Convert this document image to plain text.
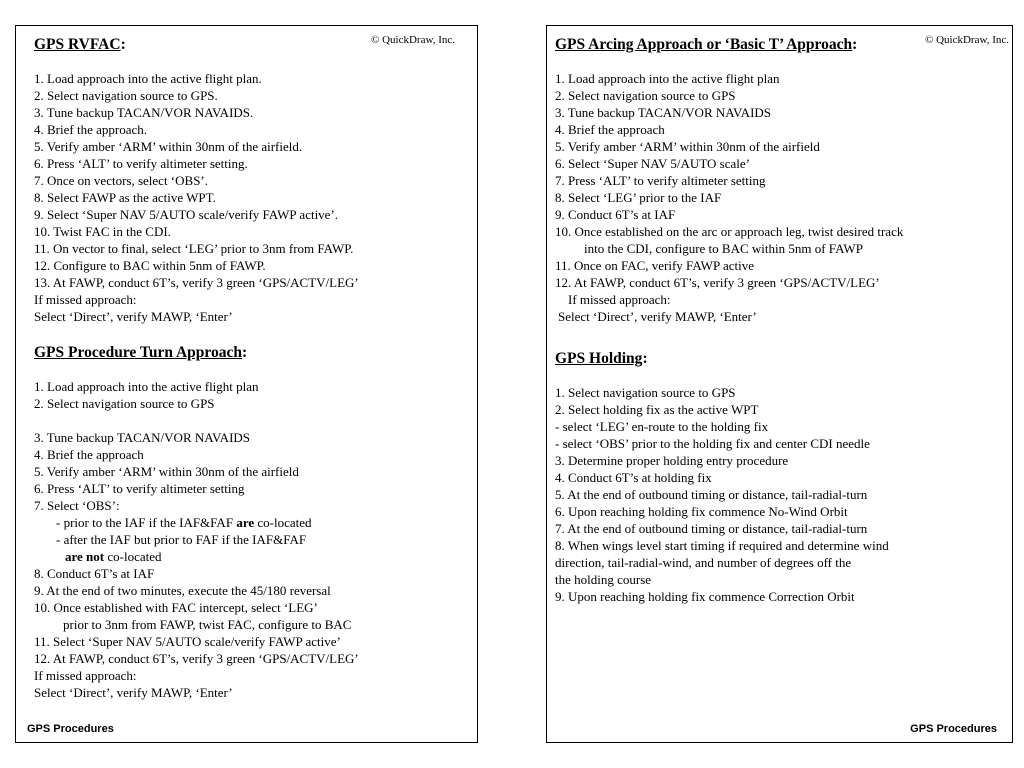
© QuickDraw, Inc.
GPS RVFAC:
1. Load approach into the active flight plan.
2. Select navigation source to GPS.
3. Tune backup TACAN/VOR NAVAIDS.
4. Brief the approach.
5. Verify amber ‘ARM’ within 30nm of the airfield.
6. Press ‘ALT’ to verify altimeter setting.
7. Once on vectors, select ‘OBS’.
8. Select FAWP as the active WPT.
9. Select ‘Super NAV 5/AUTO scale/verify FAWP active’.
10. Twist FAC in the CDI.
11. On vector to final, select ‘LEG’ prior to 3nm from FAWP.
12. Configure to BAC within 5nm of FAWP.
13. At FAWP, conduct 6T’s, verify 3 green ‘GPS/ACTV/LEG’
If missed approach:
Select ‘Direct’, verify MAWP, ‘Enter’
GPS Procedure Turn Approach:
1. Load approach into the active flight plan
2. Select navigation source to GPS
3. Tune backup TACAN/VOR NAVAIDS
4. Brief the approach
5. Verify amber ‘ARM’ within 30nm of the airfield
6. Press ‘ALT’ to verify altimeter setting
7. Select ‘OBS’:
- prior to the IAF if the IAF&FAF are co-located
- after the IAF but prior to FAF if the IAF&FAF
are not co-located
8. Conduct 6T’s at IAF
9. At the end of two minutes, execute the 45/180 reversal
10. Once established with FAC intercept, select ‘LEG’
prior to 3nm from FAWP, twist FAC, configure to BAC
11. Select ‘Super NAV 5/AUTO scale/verify FAWP active’
12. At FAWP, conduct 6T’s, verify 3 green ‘GPS/ACTV/LEG’
If missed approach:
Select ‘Direct’, verify MAWP, ‘Enter’
GPS Procedures
© QuickDraw, Inc.
GPS Arcing Approach or ‘Basic T’ Approach:
1. Load approach into the active flight plan
2. Select navigation source to GPS
3. Tune backup TACAN/VOR NAVAIDS
4. Brief the approach
5. Verify amber ‘ARM’ within 30nm of the airfield
6. Select ‘Super NAV 5/AUTO scale’
7. Press ‘ALT’ to verify altimeter setting
8. Select ‘LEG’ prior to the IAF
9. Conduct 6T’s at IAF
10. Once established on the arc or approach leg, twist desired track
into the CDI, configure to BAC within 5nm of FAWP
11. Once on FAC, verify FAWP active
12. At FAWP, conduct 6T’s, verify 3 green ‘GPS/ACTV/LEG’
If missed approach:
Select ‘Direct’, verify MAWP, ‘Enter’
GPS Holding:
1. Select navigation source to GPS
2. Select holding fix as the active WPT
- select ‘LEG’ en-route to the holding fix
- select ‘OBS’ prior to the holding fix and center CDI needle
3. Determine proper holding entry procedure
4. Conduct 6T’s at holding fix
5. At the end of outbound timing or distance, tail-radial-turn
6. Upon reaching holding fix commence No-Wind Orbit
7. At the end of outbound timing or distance, tail-radial-turn
8. When wings level start timing if required and determine wind
direction, tail-radial-wind, and number of degrees off the
the holding course
9. Upon reaching holding fix commence Correction Orbit
GPS Procedures
